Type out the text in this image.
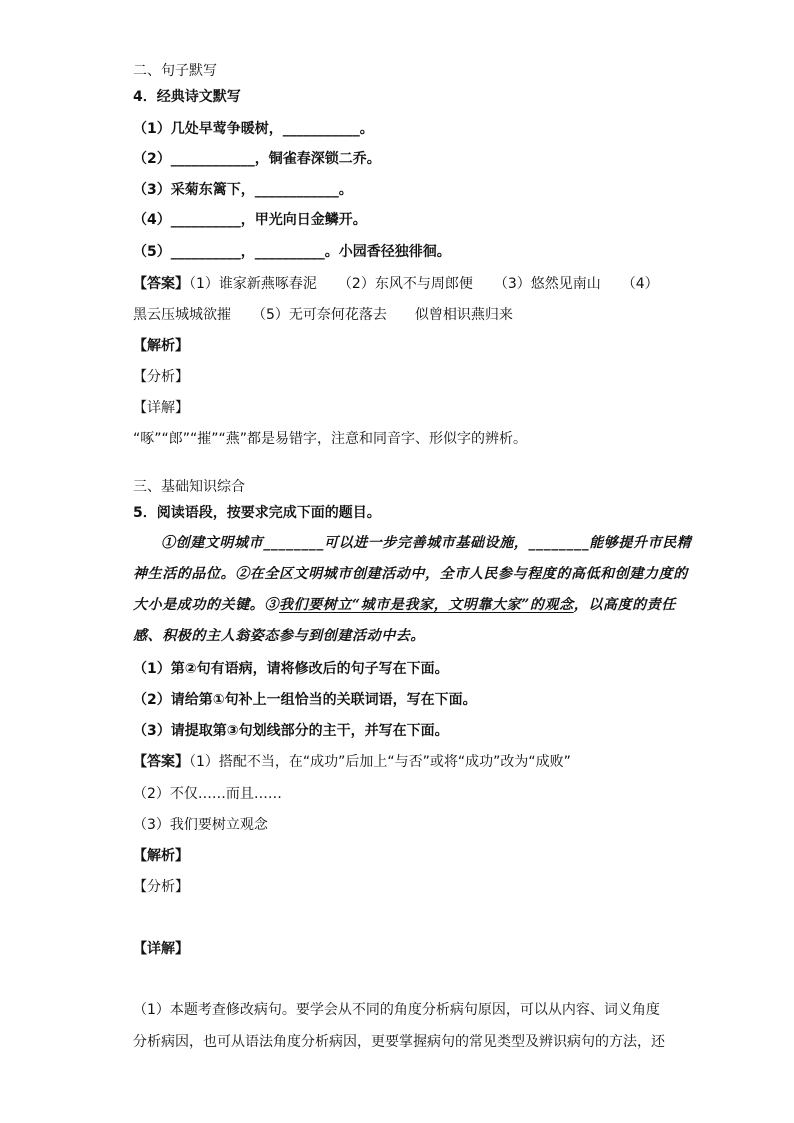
二、句子默写
4．经典诗文默写
（1）几处早莺争暖树，___________。
（2）____________，铜雀春深锁二乔。
（3）采菊东篱下，____________。
（4）__________，甲光向日金鳞开。
（5）__________，__________。小园香径独徘徊。
【答案】（1）谁家新燕啄春泥　　（2）东风不与周郎便　　（3）悠然见南山　　（4）
黑云压城城欲摧　　（5）无可奈何花落去　　似曾相识燕归来
【解析】
【分析】
【详解】
“啄”“郎”“摧”“燕”都是易错字，注意和同音字、形似字的辨析。
三、基础知识综合
5．阅读语段，按要求完成下面的题目。
①创建文明城市________可以进一步完善城市基础设施，________能够提升市民精
神生活的品位。②在全区文明城市创建活动中，全市人民参与程度的高低和创建力度的
大小是成功的关键。③我们要树立“城市是我家，文明靠大家”的观念，以高度的责任
感、积极的主人翁姿态参与到创建活动中去。
（1）第②句有语病，请将修改后的句子写在下面。
（2）请给第①句补上一组恰当的关联词语，写在下面。
（3）请提取第③句划线部分的主干，并写在下面。
【答案】（1）搭配不当，在“成功”后加上“与否”或将“成功”改为“成败”
（2）不仅……而且……
（3）我们要树立观念
【解析】
【分析】
【详解】
（1）本题考查修改病句。要学会从不同的角度分析病句原因，可以从内容、词义角度
分析病因，也可从语法角度分析病因，更要掌握病句的常见类型及辨识病句的方法，还
